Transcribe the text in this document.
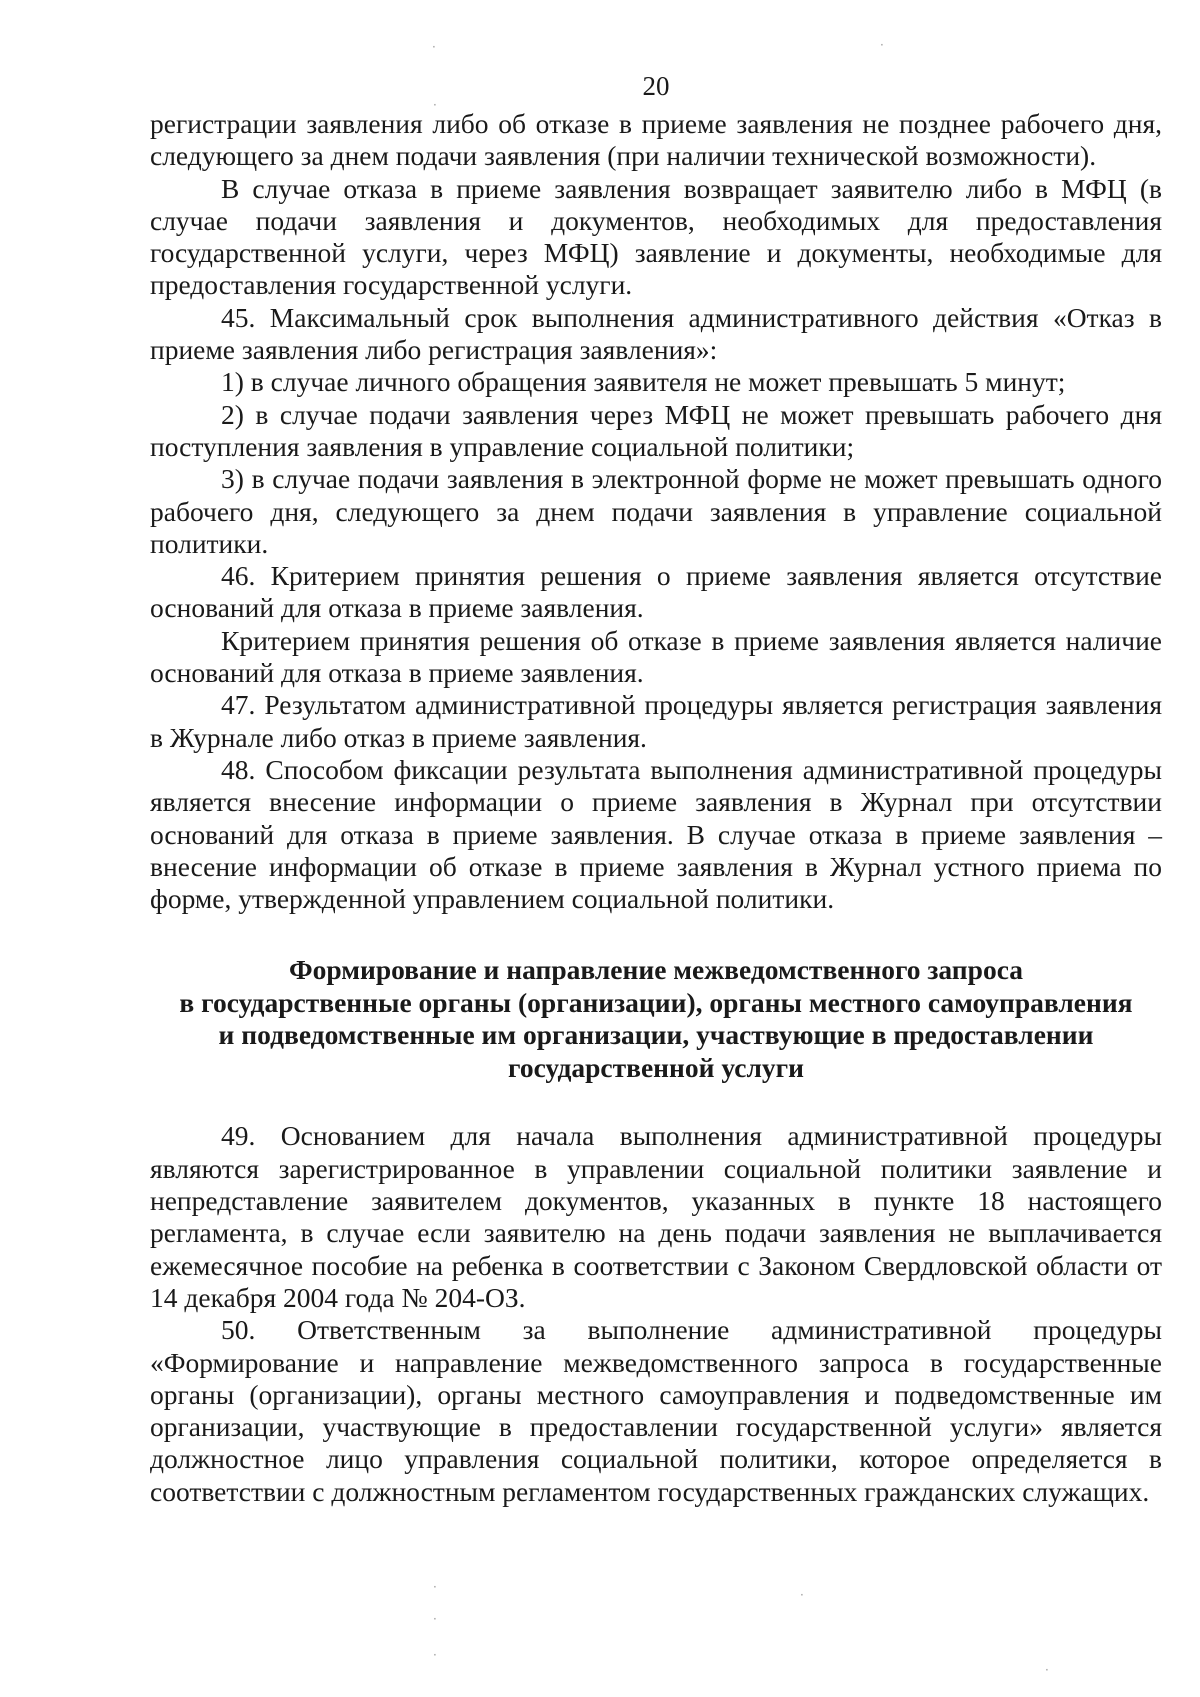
20

регистрации заявления либо об отказе в приеме заявления не позднее рабочего дня, следующего за днем подачи заявления (при наличии технической возможности).

В случае отказа в приеме заявления возвращает заявителю либо в МФЦ (в случае подачи заявления и документов, необходимых для предоставления государственной услуги, через МФЦ) заявление и документы, необходимые для предоставления государственной услуги.

45. Максимальный срок выполнения административного действия «Отказ в приеме заявления либо регистрация заявления»:

1) в случае личного обращения заявителя не может превышать 5 минут;

2) в случае подачи заявления через МФЦ не может превышать рабочего дня поступления заявления в управление социальной политики;

3) в случае подачи заявления в электронной форме не может превышать одного рабочего дня, следующего за днем подачи заявления в управление социальной политики.

46. Критерием принятия решения о приеме заявления является отсутствие оснований для отказа в приеме заявления.

Критерием принятия решения об отказе в приеме заявления является наличие оснований для отказа в приеме заявления.

47. Результатом административной процедуры является регистрация заявления в Журнале либо отказ в приеме заявления.

48. Способом фиксации результата выполнения административной процедуры является внесение информации о приеме заявления в Журнал при отсутствии оснований для отказа в приеме заявления. В случае отказа в приеме заявления – внесение информации об отказе в приеме заявления в Журнал устного приема по форме, утвержденной управлением социальной политики.

Формирование и направление межведомственного запроса
в государственные органы (организации), органы местного самоуправления
и подведомственные им организации, участвующие в предоставлении
государственной услуги

49. Основанием для начала выполнения административной процедуры являются зарегистрированное в управлении социальной политики заявление и непредставление заявителем документов, указанных в пункте 18 настоящего регламента, в случае если заявителю на день подачи заявления не выплачивается ежемесячное пособие на ребенка в соответствии с Законом Свердловской области от 14 декабря 2004 года № 204-ОЗ.

50. Ответственным за выполнение административной процедуры «Формирование и направление межведомственного запроса в государственные органы (организации), органы местного самоуправления и подведомственные им организации, участвующие в предоставлении государственной услуги» является должностное лицо управления социальной политики, которое определяется в соответствии с должностным регламентом государственных гражданских служащих.

·	·
·
·
·
·
·
·
